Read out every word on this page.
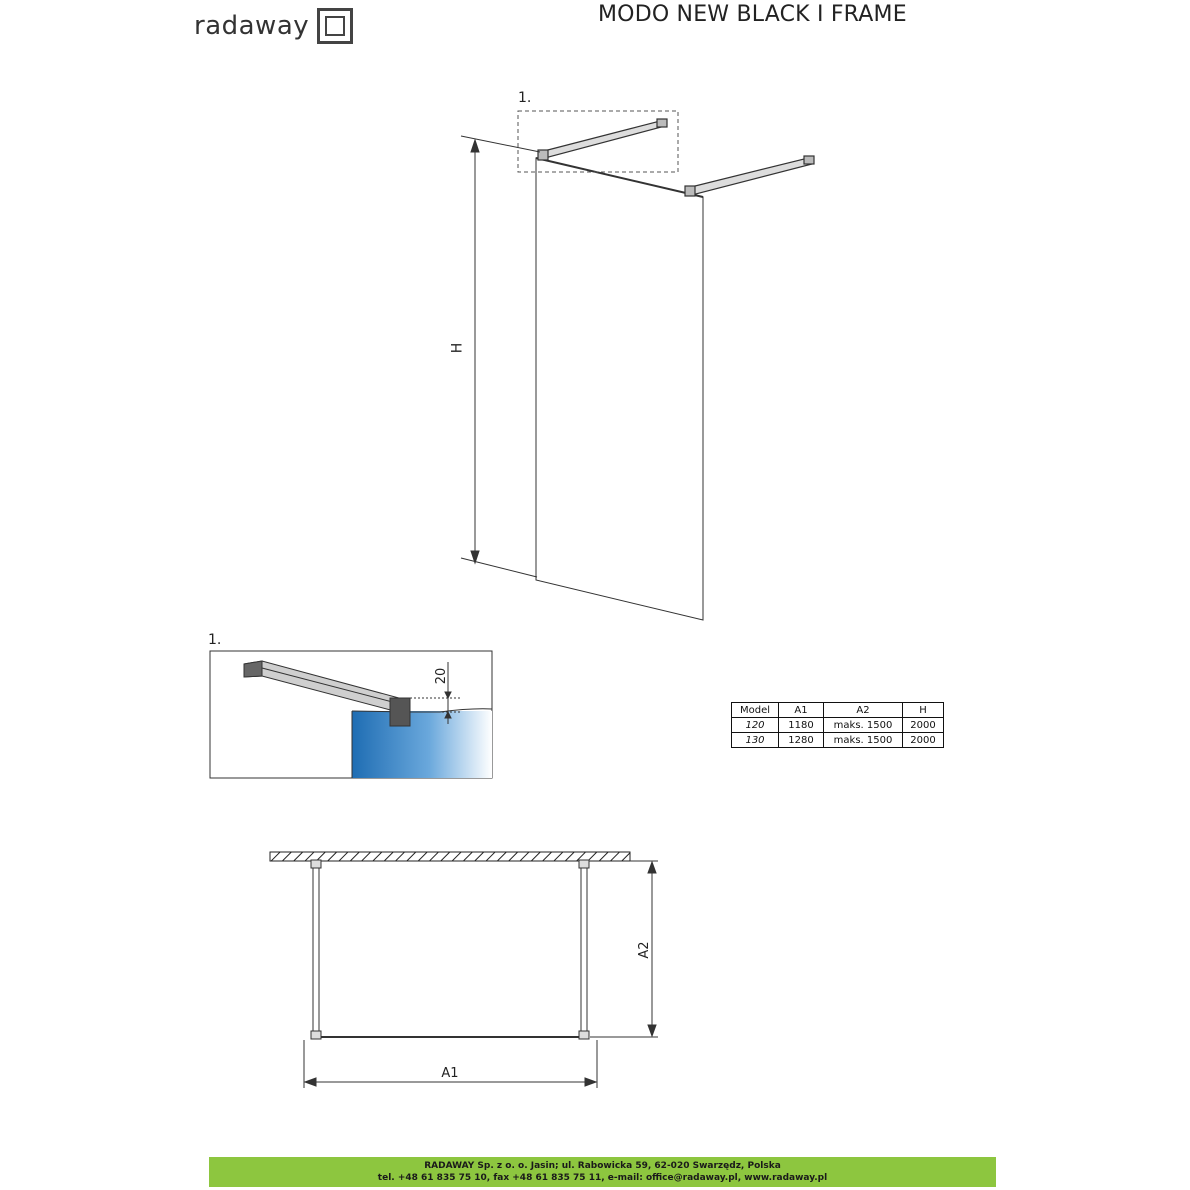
radaway	MODO NEW BLACK I FRAME
20
A1
A2
1.
1.
H
Model	A1	A2	H
120	1180	maks. 1500	2000
130	1280	maks. 1500	2000
RADAWAY Sp. z o. o. Jasin; ul. Rabowicka 59, 62-020 Swarzędz, Polska
tel. +48 61 835 75 10, fax +48 61 835 75 11, e-mail: office@radaway.pl, www.radaway.pl
